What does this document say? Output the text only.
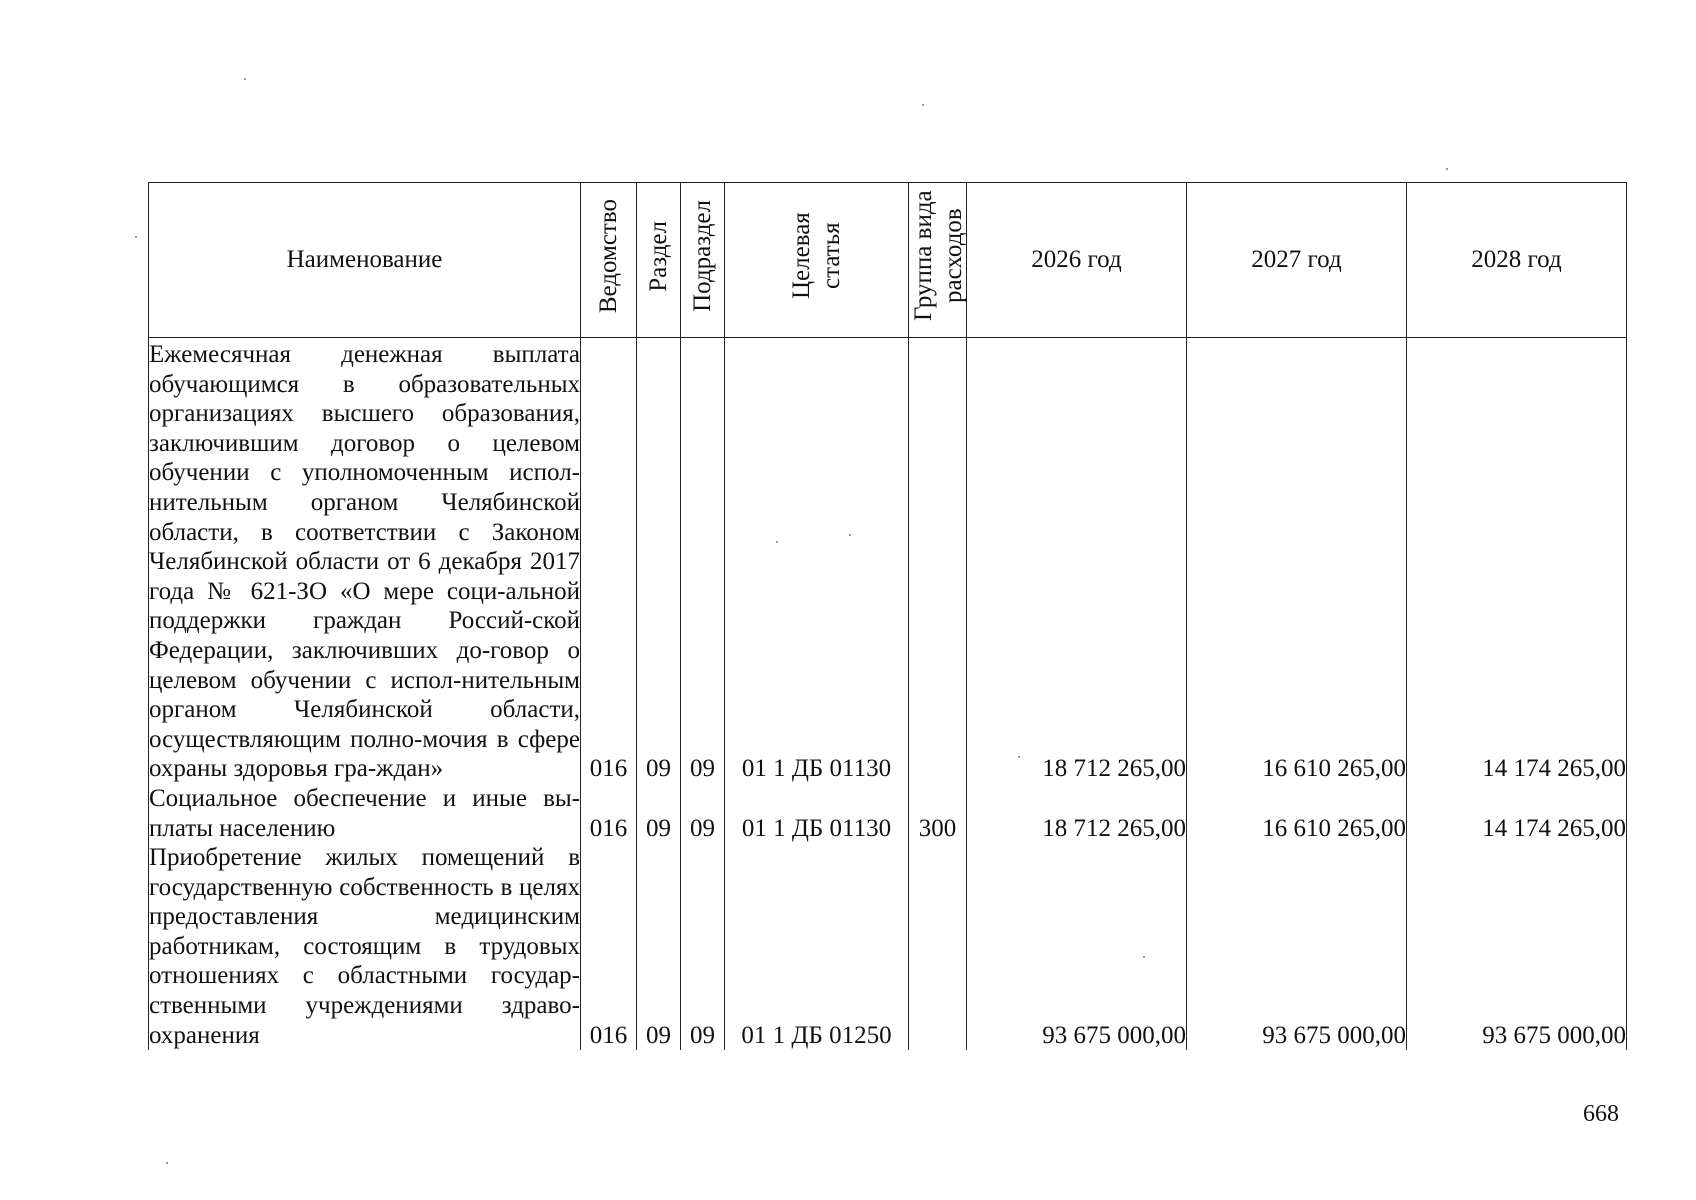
Наименование	Ведомство	Раздел	Подраздел	Целевая статья	Группа вида расходов	2026 год	2027 год	2028 год
Ежемесячная денежная выплата обучающимся в образовательных организациях высшего образования, заключившим договор о целевом обучении с уполномоченным испол-нительным органом Челябинской области, в соответствии с Законом Челябинской области от 6 декабря 2017 года № 621-ЗО «О мере соци-альной поддержки граждан Россий-ской Федерации, заключивших до-говор о целевом обучении с испол-нительным органом Челябинской области, осуществляющим полно-мочия в сфере охраны здоровья гра-ждан»	016	09	09	01 1 ДБ 01130		18 712 265,00	16 610 265,00	14 174 265,00
Социальное обеспечение и иные вы-платы населению	016	09	09	01 1 ДБ 01130	300	18 712 265,00	16 610 265,00	14 174 265,00
Приобретение жилых помещений в государственную собственность в целях предоставления медицинским работникам, состоящим в трудовых отношениях с областными государ-ственными учреждениями здраво-охранения	016	09	09	01 1 ДБ 01250		93 675 000,00	93 675 000,00	93 675 000,00
668
